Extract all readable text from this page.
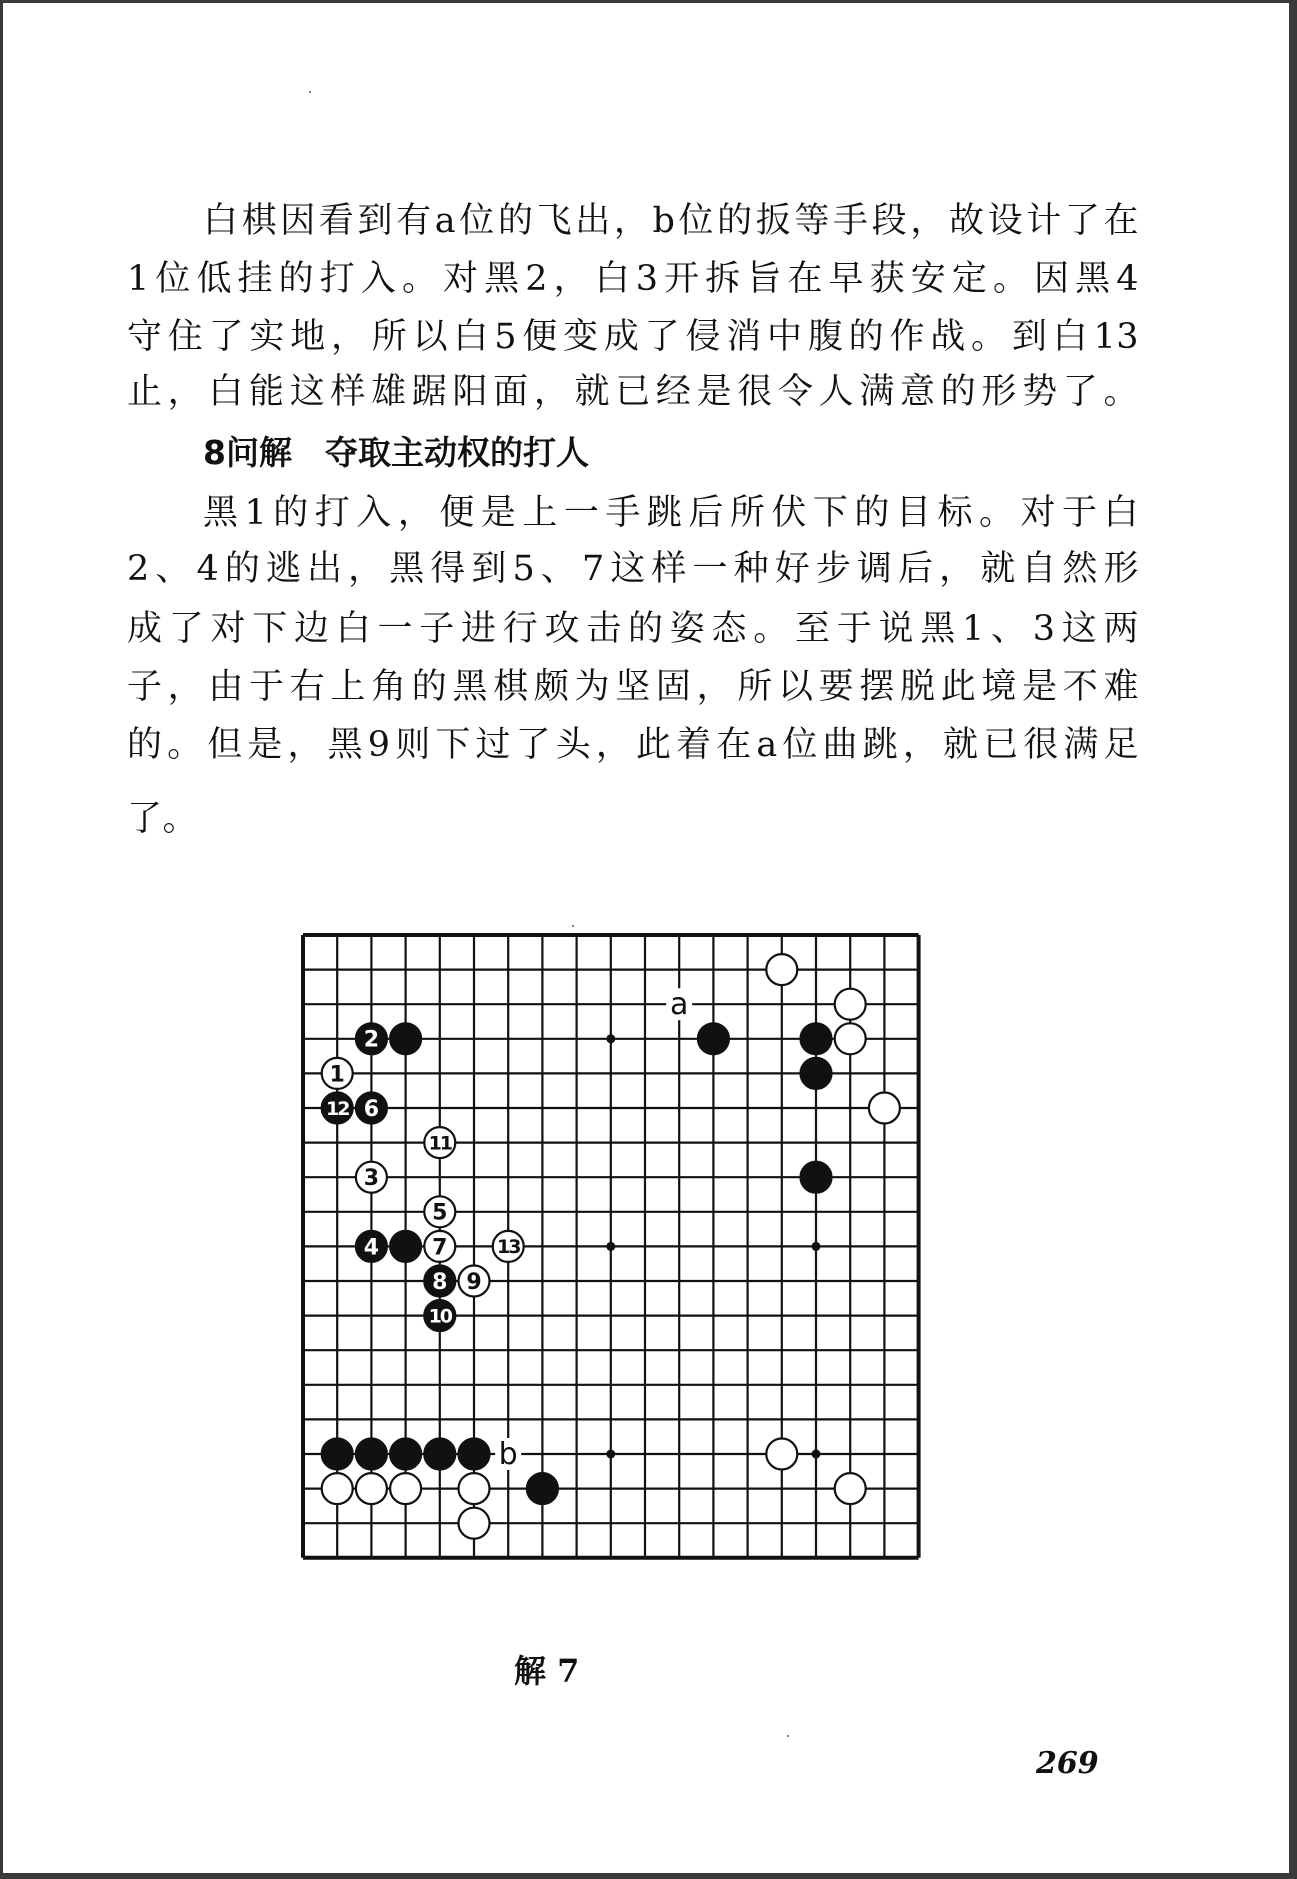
白棋因看到有a位的飞出，b位的扳等手段，故设计了在
1位低挂的打入。对黑2，白3开拆旨在早获安定。因黑4
守住了实地，所以白5便变成了侵消中腹的作战。到白13
止，白能这样雄踞阳面，就已经是很令人满意的形势了。
8问解　 夺取主动权的打人
黑1的打入，便是上一手跳后所伏下的目标。对于白
2、4的逃出，黑得到5、7这样一种好步调后，就自然形
成了对下边白一子进行攻击的姿态。至于说黑1、3这两
子，由于右上角的黑棋颇为坚固，所以要摆脱此境是不难
的。但是，黑9则下过了头，此着在a位曲跳，就已很满足
了。
a
b
2
1
12 6
11
3
5
4 7	13
8 9
10
解 7
269
